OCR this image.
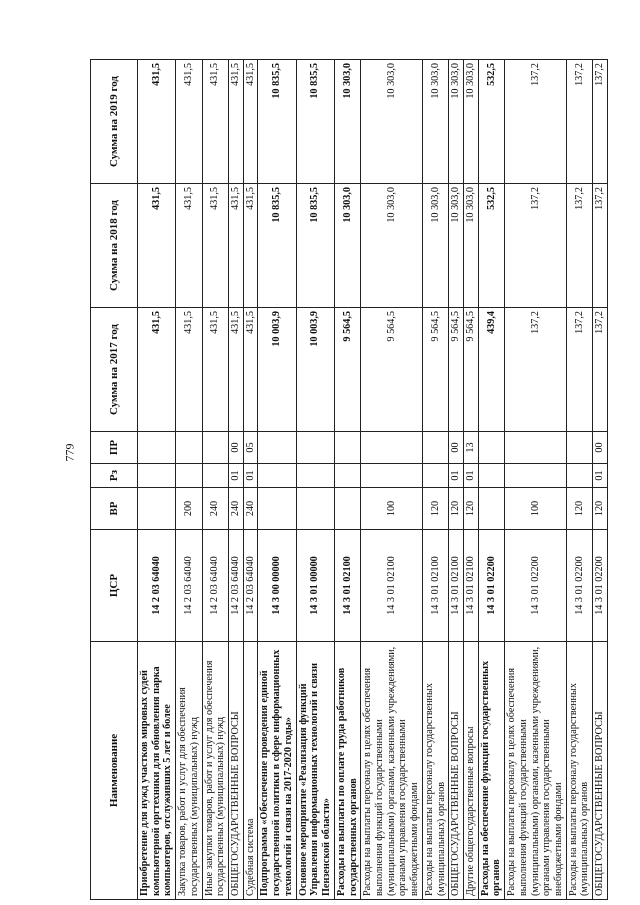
779
Наименование	ЦСР	ВР	Рз	ПР	Сумма на 2017 год	Сумма на 2018 год	Сумма на 2019 год
Приобретение для нужд участков мировых судей компьютерной оргтехники для обновления парка компьютеров, отслуживших 5 лет и более	14 2 03 64040				431,5	431,5	431,5
Закупка товаров, работ и услуг для обеспечения государственных (муниципальных) нужд	14 2 03 64040	200			431,5	431,5	431,5
Иные закупки товаров, работ и услуг для обеспечения государственных (муниципальных) нужд	14 2 03 64040	240			431,5	431,5	431,5
ОБЩЕГОСУДАРСТВЕННЫЕ ВОПРОСЫ	14 2 03 64040	240	01	00	431,5	431,5	431,5
Судебная система	14 2 03 64040	240	01	05	431,5	431,5	431,5
Подпрограмма «Обеспечение проведения единой государственной политики в сфере информационных технологий и связи на 2017-2020 годы»	14 3 00 00000				10 003,9	10 835,5	10 835,5
Основное мероприятие «Реализация функций Управления информационных технологий и связи Пензенской области»	14 3 01 00000				10 003,9	10 835,5	10 835,5
Расходы на выплаты по оплате труда работников государственных органов	14 3 01 02100				9 564,5	10 303,0	10 303,0
Расходы на выплаты персоналу в целях обеспечения выполнения функций государственными (муниципальными) органами, казенными учреждениями, органами управления государственными внебюджетными фондами	14 3 01 02100	100			9 564,5	10 303,0	10 303,0
Расходы на выплаты персоналу государственных (муниципальных) органов	14 3 01 02100	120			9 564,5	10 303,0	10 303,0
ОБЩЕГОСУДАРСТВЕННЫЕ ВОПРОСЫ	14 3 01 02100	120	01	00	9 564,5	10 303,0	10 303,0
Другие общегосударственные вопросы	14 3 01 02100	120	01	13	9 564,5	10 303,0	10 303,0
Расходы на обеспечение функций государственных органов	14 3 01 02200				439,4	532,5	532,5
Расходы на выплаты персоналу в целях обеспечения выполнения функций государственными (муниципальными) органами, казенными учреждениями, органами управления государственными внебюджетными фондами	14 3 01 02200	100			137,2	137,2	137,2
Расходы на выплаты персоналу государственных (муниципальных) органов	14 3 01 02200	120			137,2	137,2	137,2
ОБЩЕГОСУДАРСТВЕННЫЕ ВОПРОСЫ	14 3 01 02200	120	01	00	137,2	137,2	137,2
